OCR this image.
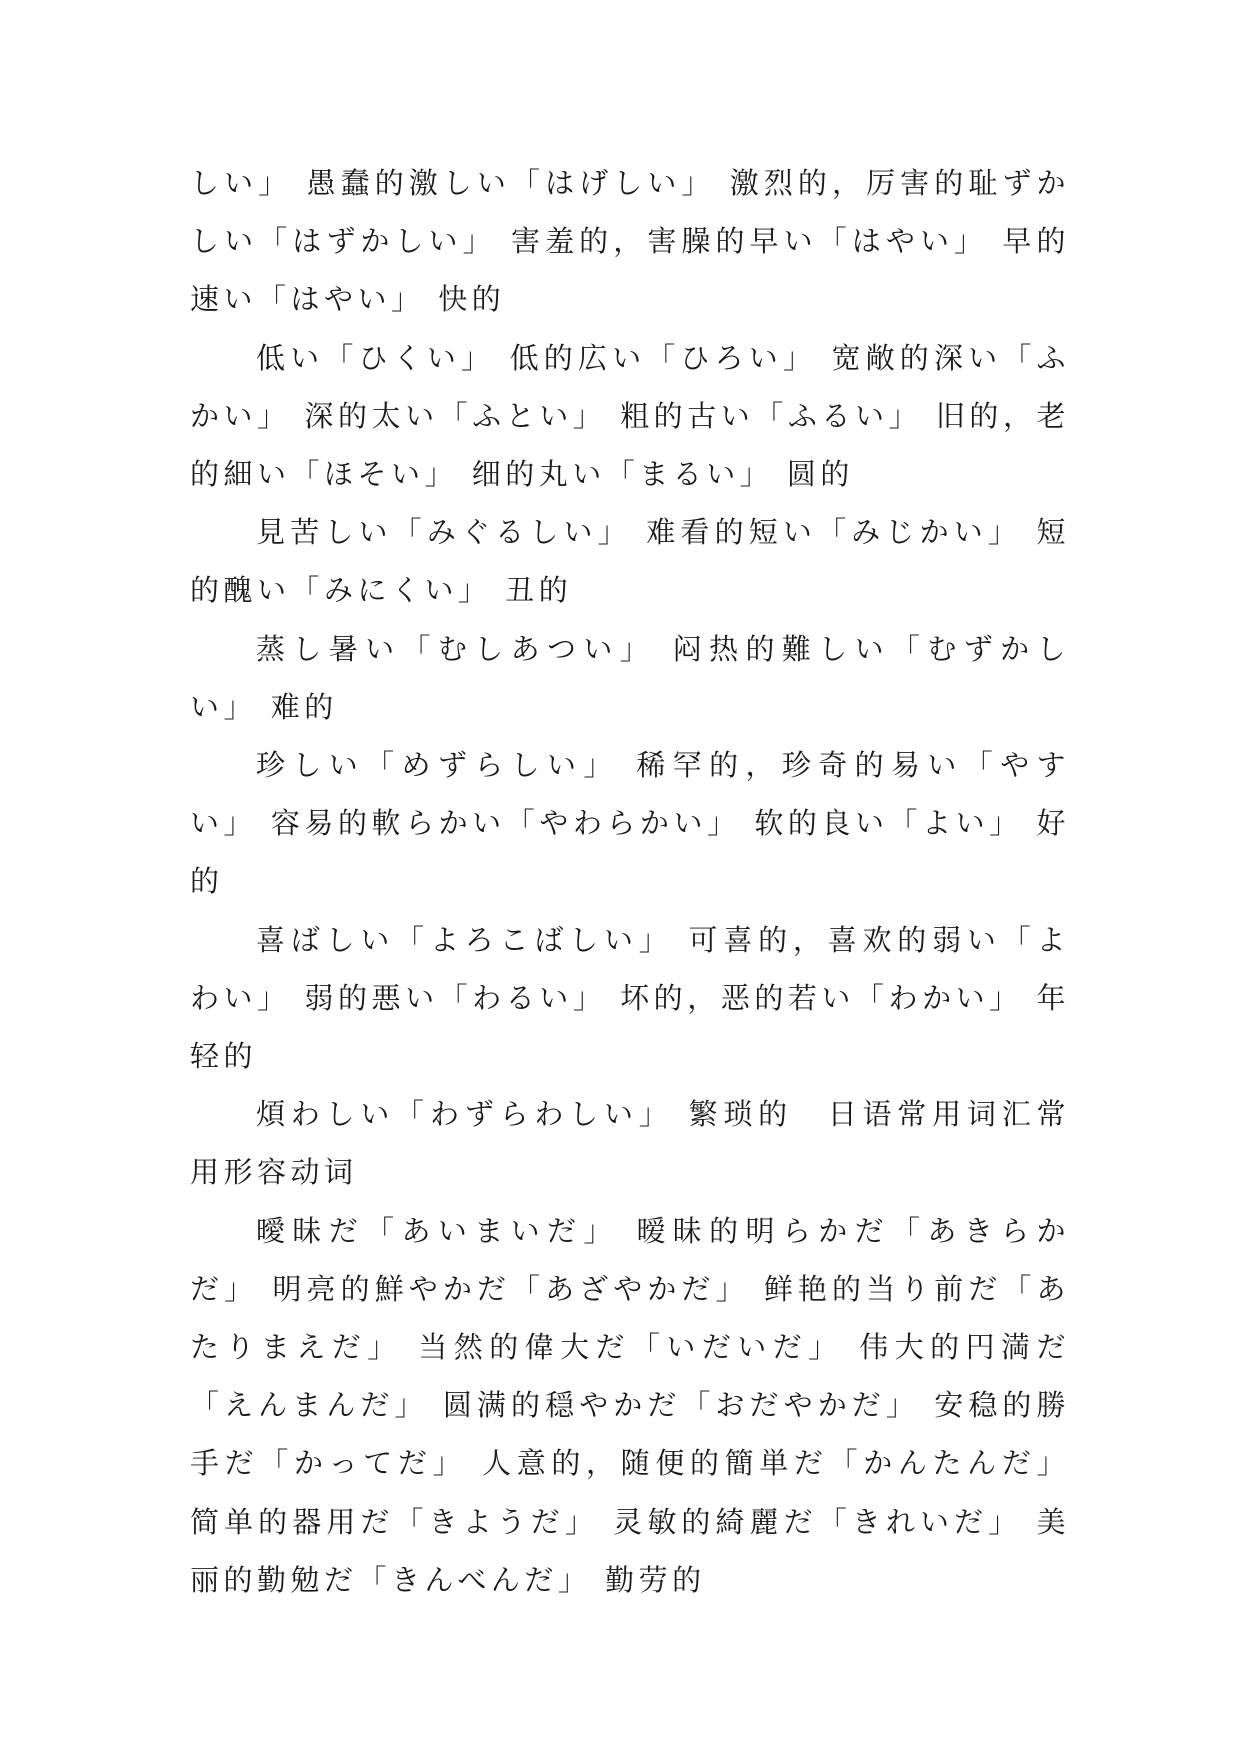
しい」 愚蠢的激しい「はげしい」 激烈的，厉害的耻ずかしい「はずかしい」 害羞的，害臊的早い「はやい」 早的速い「はやい」 快的

低い「ひくい」 低的広い「ひろい」 宽敞的深い「ふかい」 深的太い「ふとい」 粗的古い「ふるい」 旧的，老的細い「ほそい」 细的丸い「まるい」 圆的

見苦しい「みぐるしい」 难看的短い「みじかい」 短的醜い「みにくい」 丑的

蒸し暑い「むしあつい」 闷热的難しい「むずかしい」 难的

珍しい「めずらしい」 稀罕的，珍奇的易い「やすい」 容易的軟らかい「やわらかい」 软的良い「よい」 好的

喜ばしい「よろこばしい」 可喜的，喜欢的弱い「よわい」 弱的悪い「わるい」 坏的，恶的若い「わかい」 年轻的

煩わしい「わずらわしい」 繁琐的　日语常用词汇常用形容动词

曖昧だ「あいまいだ」 暧昧的明らかだ「あきらかだ」 明亮的鮮やかだ「あざやかだ」 鲜艳的当り前だ「あたりまえだ」 当然的偉大だ「いだいだ」 伟大的円満だ「えんまんだ」 圆满的穏やかだ「おだやかだ」 安稳的勝手だ「かってだ」 人意的，随便的簡単だ「かんたんだ」 简单的器用だ「きようだ」 灵敏的綺麗だ「きれいだ」 美丽的勤勉だ「きんべんだ」 勤劳的
